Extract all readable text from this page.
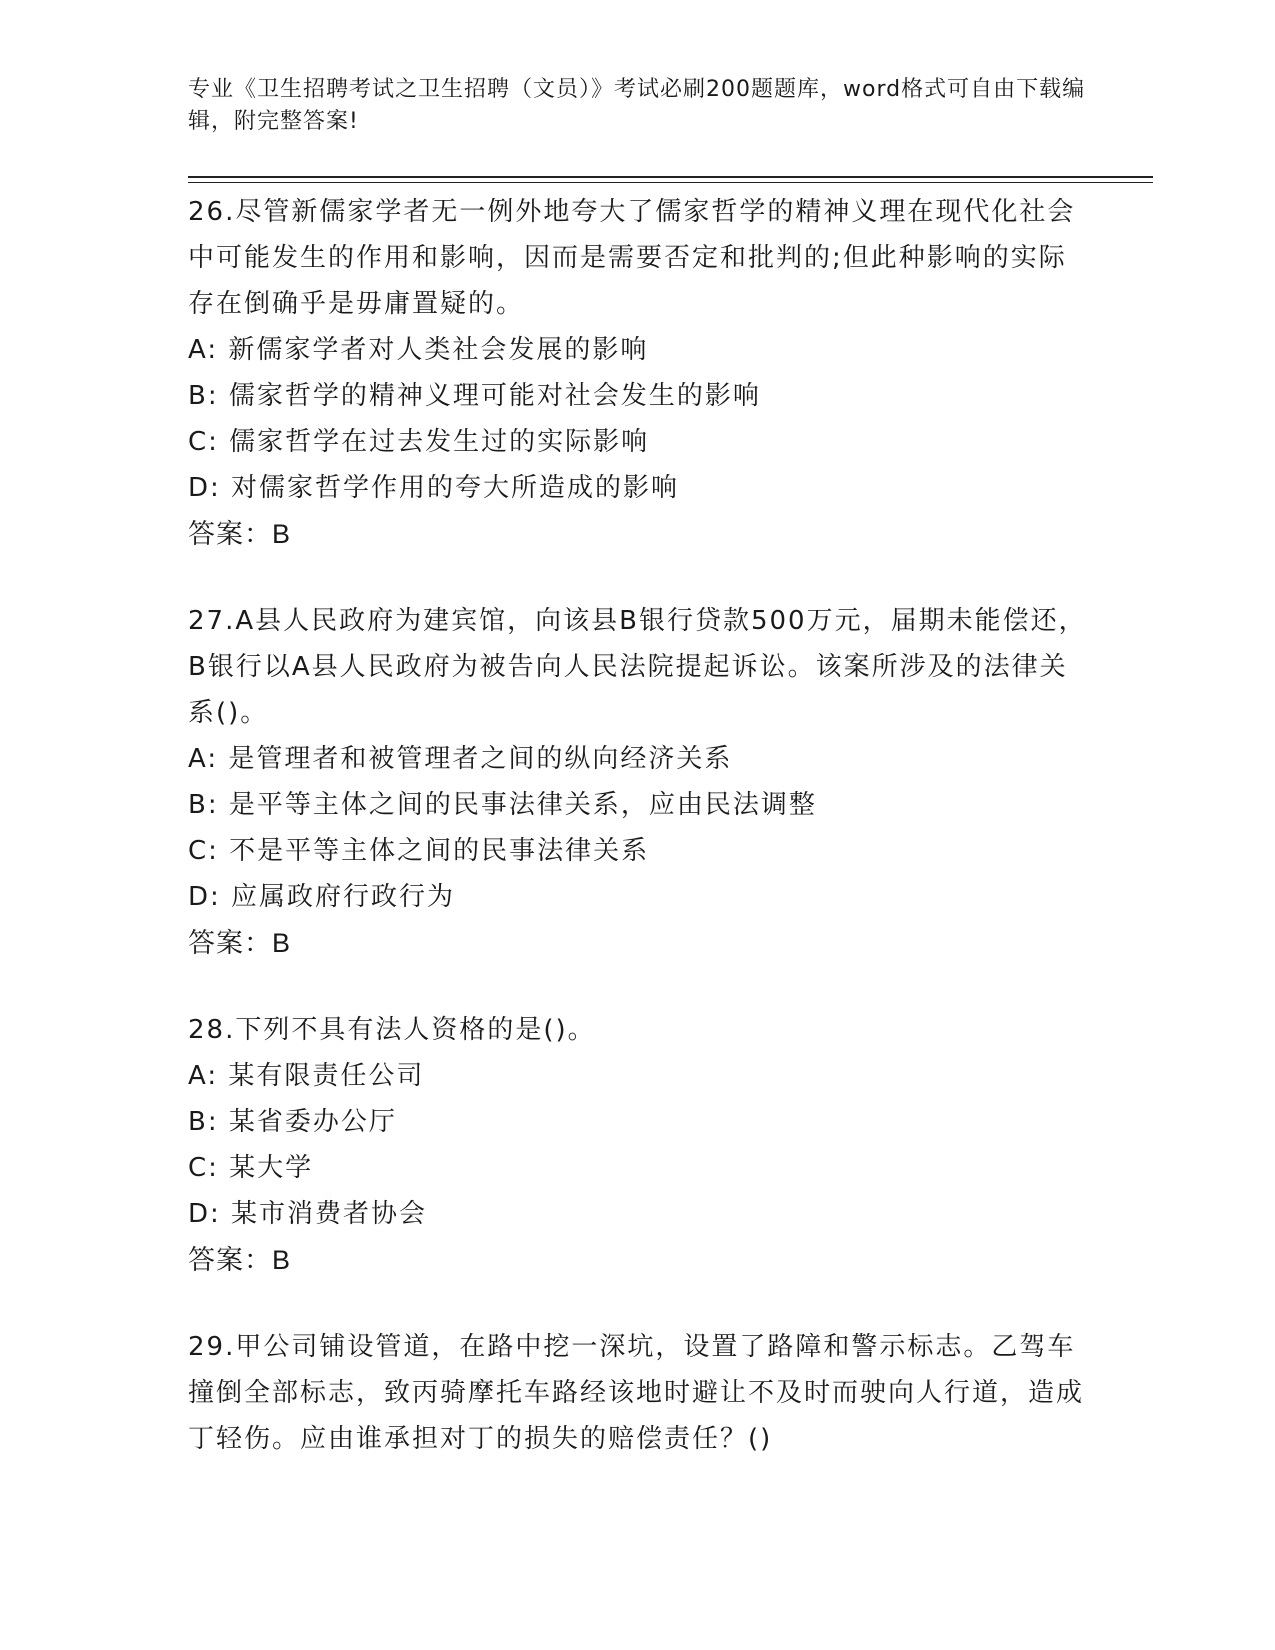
专业《卫生招聘考试之卫生招聘（文员）》考试必刷200题题库，word格式可自由下载编辑，附完整答案!

26.尽管新儒家学者无一例外地夸大了儒家哲学的精神义理在现代化社会中可能发生的作用和影响，因而是需要否定和批判的;但此种影响的实际存在倒确乎是毋庸置疑的。

A: 新儒家学者对人类社会发展的影响

B: 儒家哲学的精神义理可能对社会发生的影响

C: 儒家哲学在过去发生过的实际影响

D: 对儒家哲学作用的夸大所造成的影响

答案：B

27.A县人民政府为建宾馆，向该县B银行贷款500万元，届期未能偿还，B银行以A县人民政府为被告向人民法院提起诉讼。该案所涉及的法律关系()。

A: 是管理者和被管理者之间的纵向经济关系

B: 是平等主体之间的民事法律关系，应由民法调整

C: 不是平等主体之间的民事法律关系

D: 应属政府行政行为

答案：B

28.下列不具有法人资格的是()。

A: 某有限责任公司

B: 某省委办公厅

C: 某大学

D: 某市消费者协会

答案：B

29.甲公司铺设管道，在路中挖一深坑，设置了路障和警示标志。乙驾车撞倒全部标志，致丙骑摩托车路经该地时避让不及时而驶向人行道，造成丁轻伤。应由谁承担对丁的损失的赔偿责任？()
